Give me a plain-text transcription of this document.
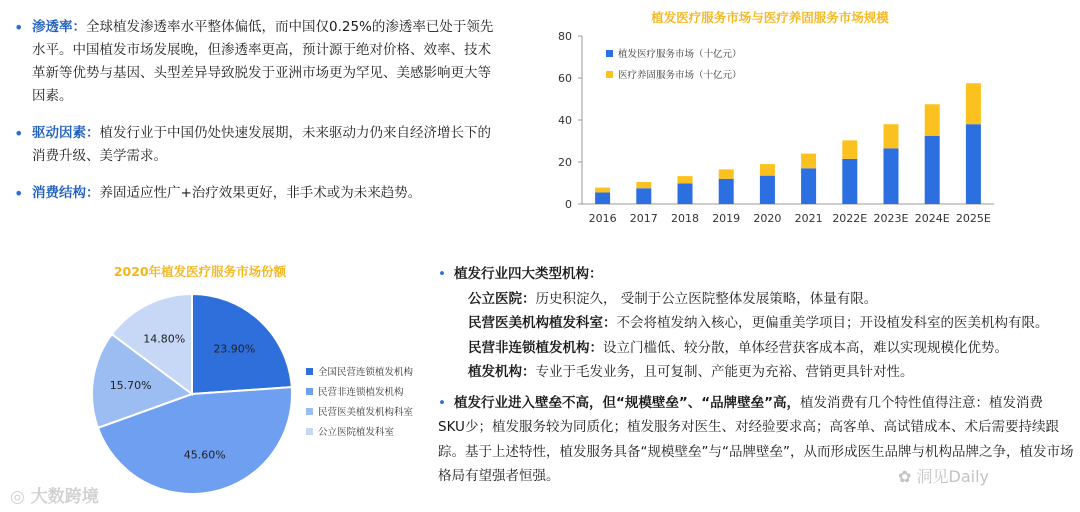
• 渗透率：全球植发渗透率水平整体偏低，而中国仅0.25%的渗透率已处于领先水平。中国植发市场发展晚，但渗透率更高，预计源于绝对价格、效率、技术革新等优势与基因、头型差异导致脱发于亚洲市场更为罕见、美感影响更大等因素。
• 驱动因素：植发行业于中国仍处快速发展期，未来驱动力仍来自经济增长下的消费升级、美学需求。
• 消费结构：养固适应性广+治疗效果更好，非手术或为未来趋势。
植发医疗服务市场与医疗养固服务市场规模
0
20
40
60
80
2016 2017 2018 2019 2020 2021 2022E 2023E 2024E 2025E
植发医疗服务市场（十亿元）
医疗养固服务市场（十亿元）
2020年植发医疗服务市场份额
23.90%
45.60%
15.70%
14.80%
全国民营连锁植发机构
民营非连锁植发机构
民营医美植发机构科室
公立医院植发科室
• 植发行业四大类型机构：
公立医院：历史积淀久， 受制于公立医院整体发展策略，体量有限。
民营医美机构植发科室：不会将植发纳入核心，更偏重美学项目；开设植发科室的医美机构有限。
民营非连锁植发机构：设立门槛低、较分散，单体经营获客成本高，难以实现规模化优势。
植发机构：专业于毛发业务，且可复制、产能更为充裕、营销更具针对性。
• 植发行业进入壁垒不高，但“规模壁垒”、“品牌壁垒”高，植发消费有几个特性值得注意：植发消费 SKU少；植发服务较为同质化；植发服务对医生、对经验要求高；高客单、高试错成本、术后需要持续跟踪。基于上述特性，植发服务具备“规模壁垒”与“品牌壁垒”，从而形成医生品牌与机构品牌之争，植发市场格局有望强者恒强。
◎ 大数跨境
✿ 洞见Daily
